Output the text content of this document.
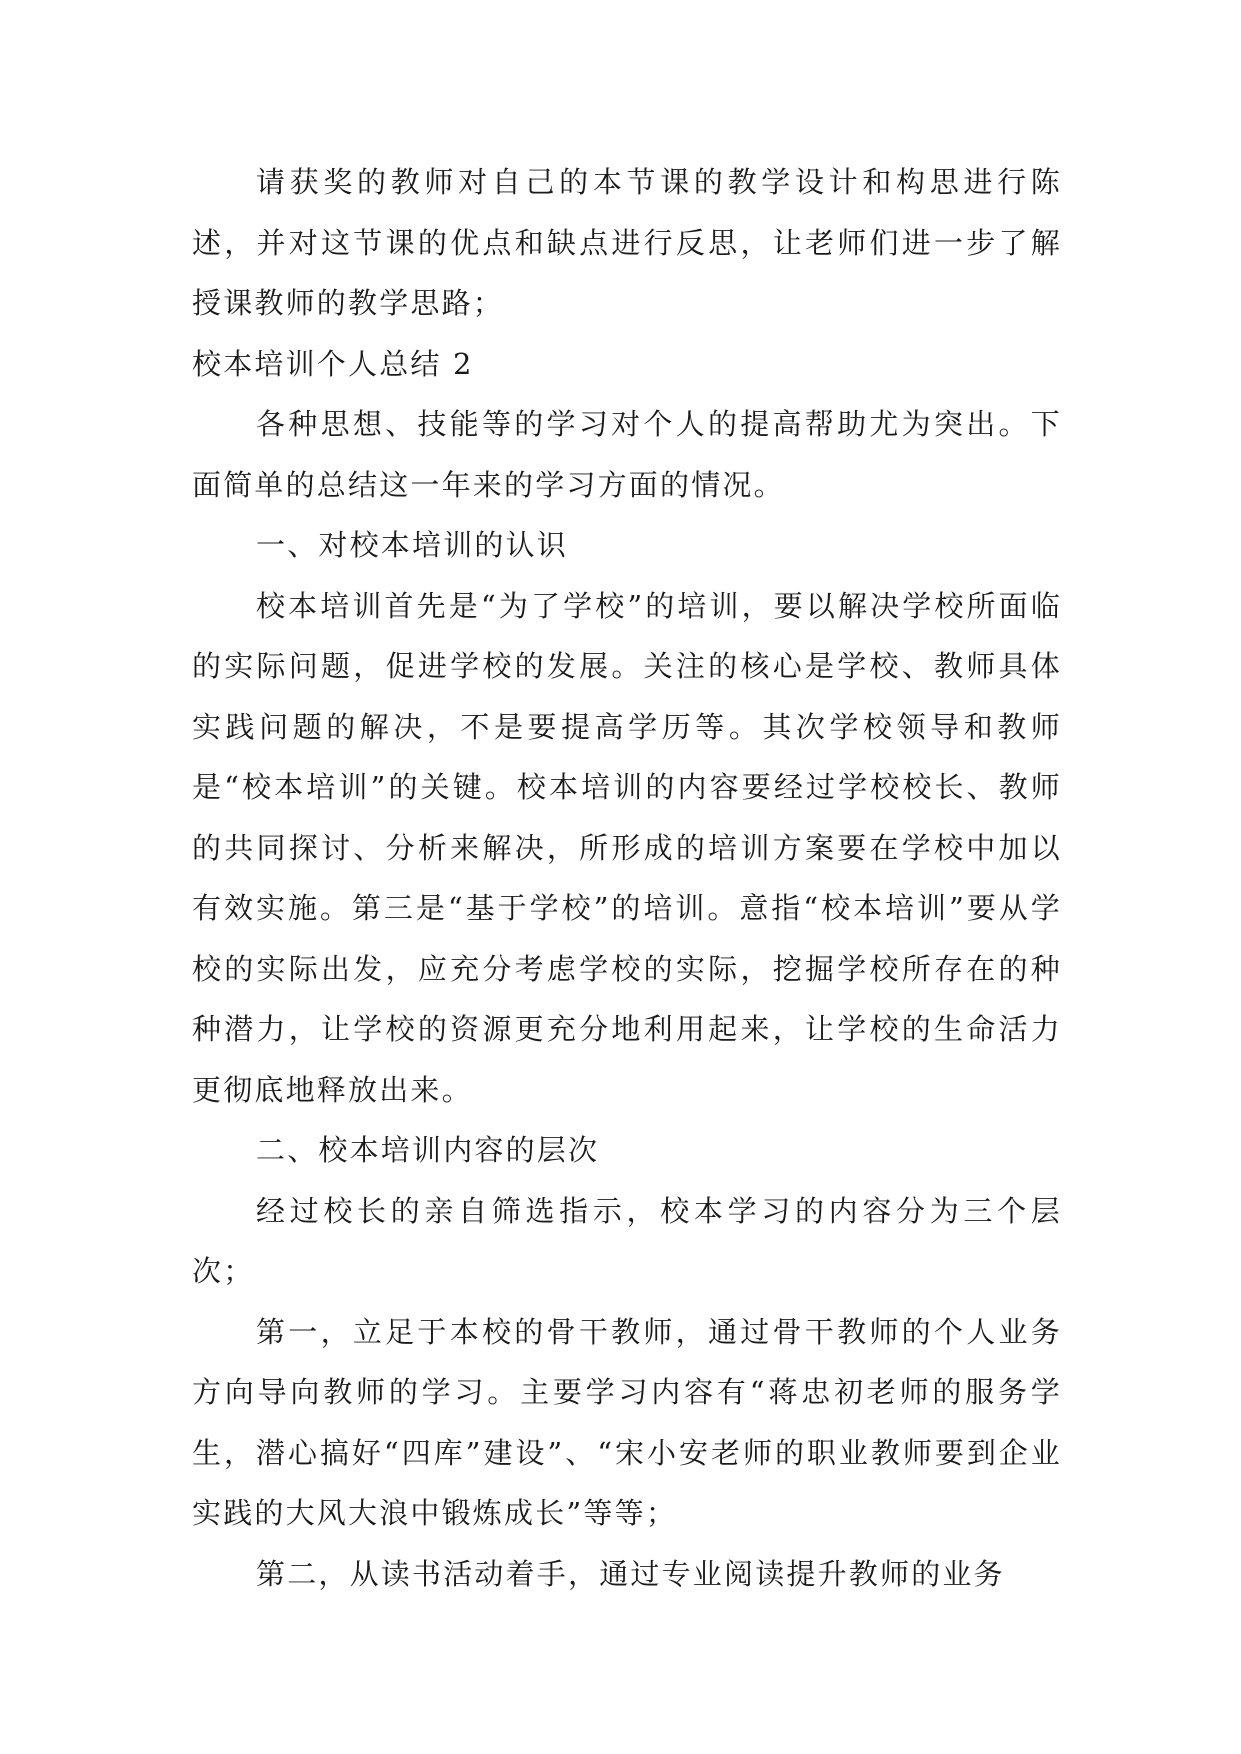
请获奖的教师对自己的本节课的教学设计和构思进行陈述，并对这节课的优点和缺点进行反思，让老师们进一步了解授课教师的教学思路；

校本培训个人总结 2

各种思想、技能等的学习对个人的提高帮助尤为突出。下面简单的总结这一年来的学习方面的情况。

一、对校本培训的认识

校本培训首先是“为了学校”的培训，要以解决学校所面临的实际问题，促进学校的发展。关注的核心是学校、教师具体实践问题的解决，不是要提高学历等。其次学校领导和教师是“校本培训”的关键。校本培训的内容要经过学校校长、教师的共同探讨、分析来解决，所形成的培训方案要在学校中加以有效实施。第三是“基于学校”的培训。意指“校本培训”要从学校的实际出发，应充分考虑学校的实际，挖掘学校所存在的种种潜力，让学校的资源更充分地利用起来，让学校的生命活力更彻底地释放出来。

二、校本培训内容的层次

经过校长的亲自筛选指示，校本学习的内容分为三个层次；

第一，立足于本校的骨干教师，通过骨干教师的个人业务方向导向教师的学习。主要学习内容有“蒋忠初老师的服务学生，潜心搞好“四库”建设”、“宋小安老师的职业教师要到企业实践的大风大浪中锻炼成长”等等；

第二，从读书活动着手，通过专业阅读提升教师的业务
